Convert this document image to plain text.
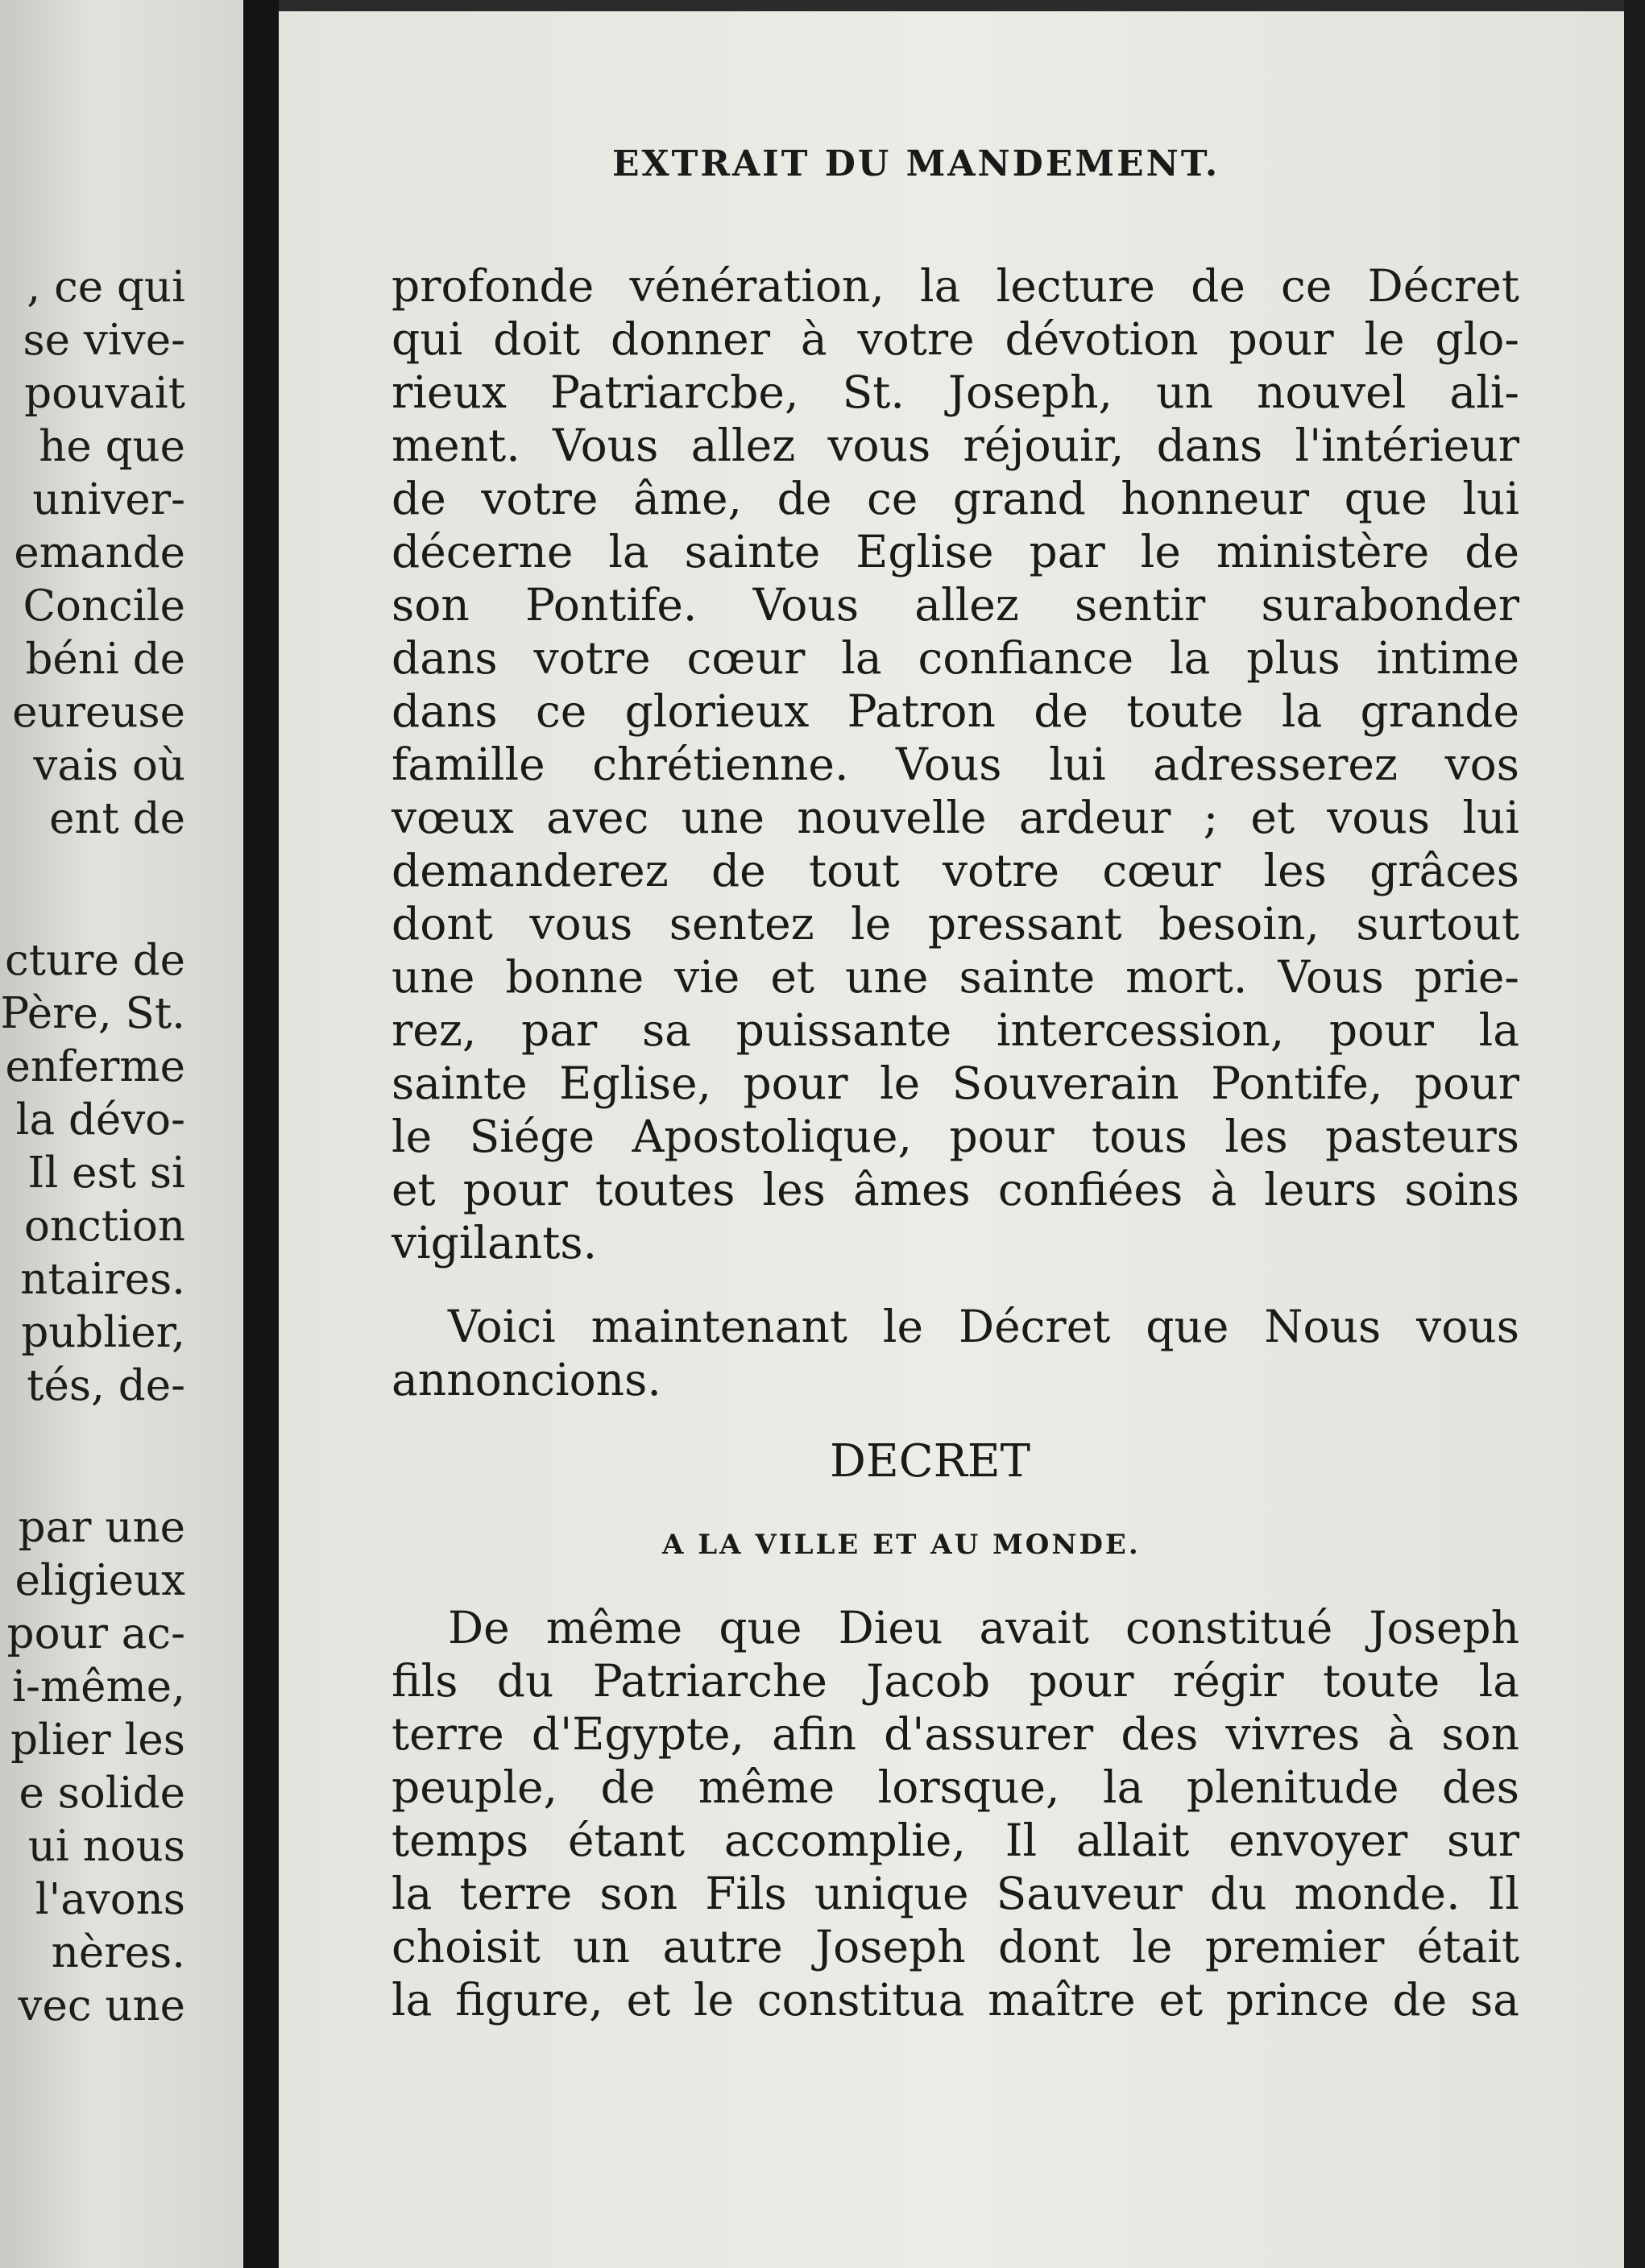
, ce qui

se vive-

pouvait

he que

univer-

emande

Concile

béni de

eureuse

vais où

ent de

cture de

Père, St.

enferme

la dévo-

Il est si

onction

ntaires.

publier,

tés, de-

par une

eligieux

pour ac-

i-même,

plier les

e solide

ui nous

l'avons

nères.

vec une

EXTRAIT DU MANDEMENT.

profonde vénération, la lecture de ce Décret

qui doit donner à votre dévotion pour le glo-

rieux Patriarcbe, St. Joseph, un nouvel ali-

ment. Vous allez vous réjouir, dans l'intérieur

de votre âme, de ce grand honneur que lui

décerne la sainte Eglise par le ministère de

son Pontife. Vous allez sentir surabonder

dans votre cœur la confiance la plus intime

dans ce glorieux Patron de toute la grande

famille chrétienne. Vous lui adresserez vos

vœux avec une nouvelle ardeur ; et vous lui

demanderez de tout votre cœur les grâces

dont vous sentez le pressant besoin, surtout

une bonne vie et une sainte mort. Vous prie-

rez, par sa puissante intercession, pour la

sainte Eglise, pour le Souverain Pontife, pour

le Siége Apostolique, pour tous les pasteurs

et pour toutes les âmes confiées à leurs soins

vigilants.

Voici maintenant le Décret que Nous vous

annoncions.

DECRET

A LA VILLE ET AU MONDE.

De même que Dieu avait constitué Joseph

fils du Patriarche Jacob pour régir toute la

terre d'Egypte, afin d'assurer des vivres à son

peuple, de même lorsque, la plenitude des

temps étant accomplie, Il allait envoyer sur

la terre son Fils unique Sauveur du monde. Il

choisit un autre Joseph dont le premier était

la figure, et le constitua maître et prince de sa
